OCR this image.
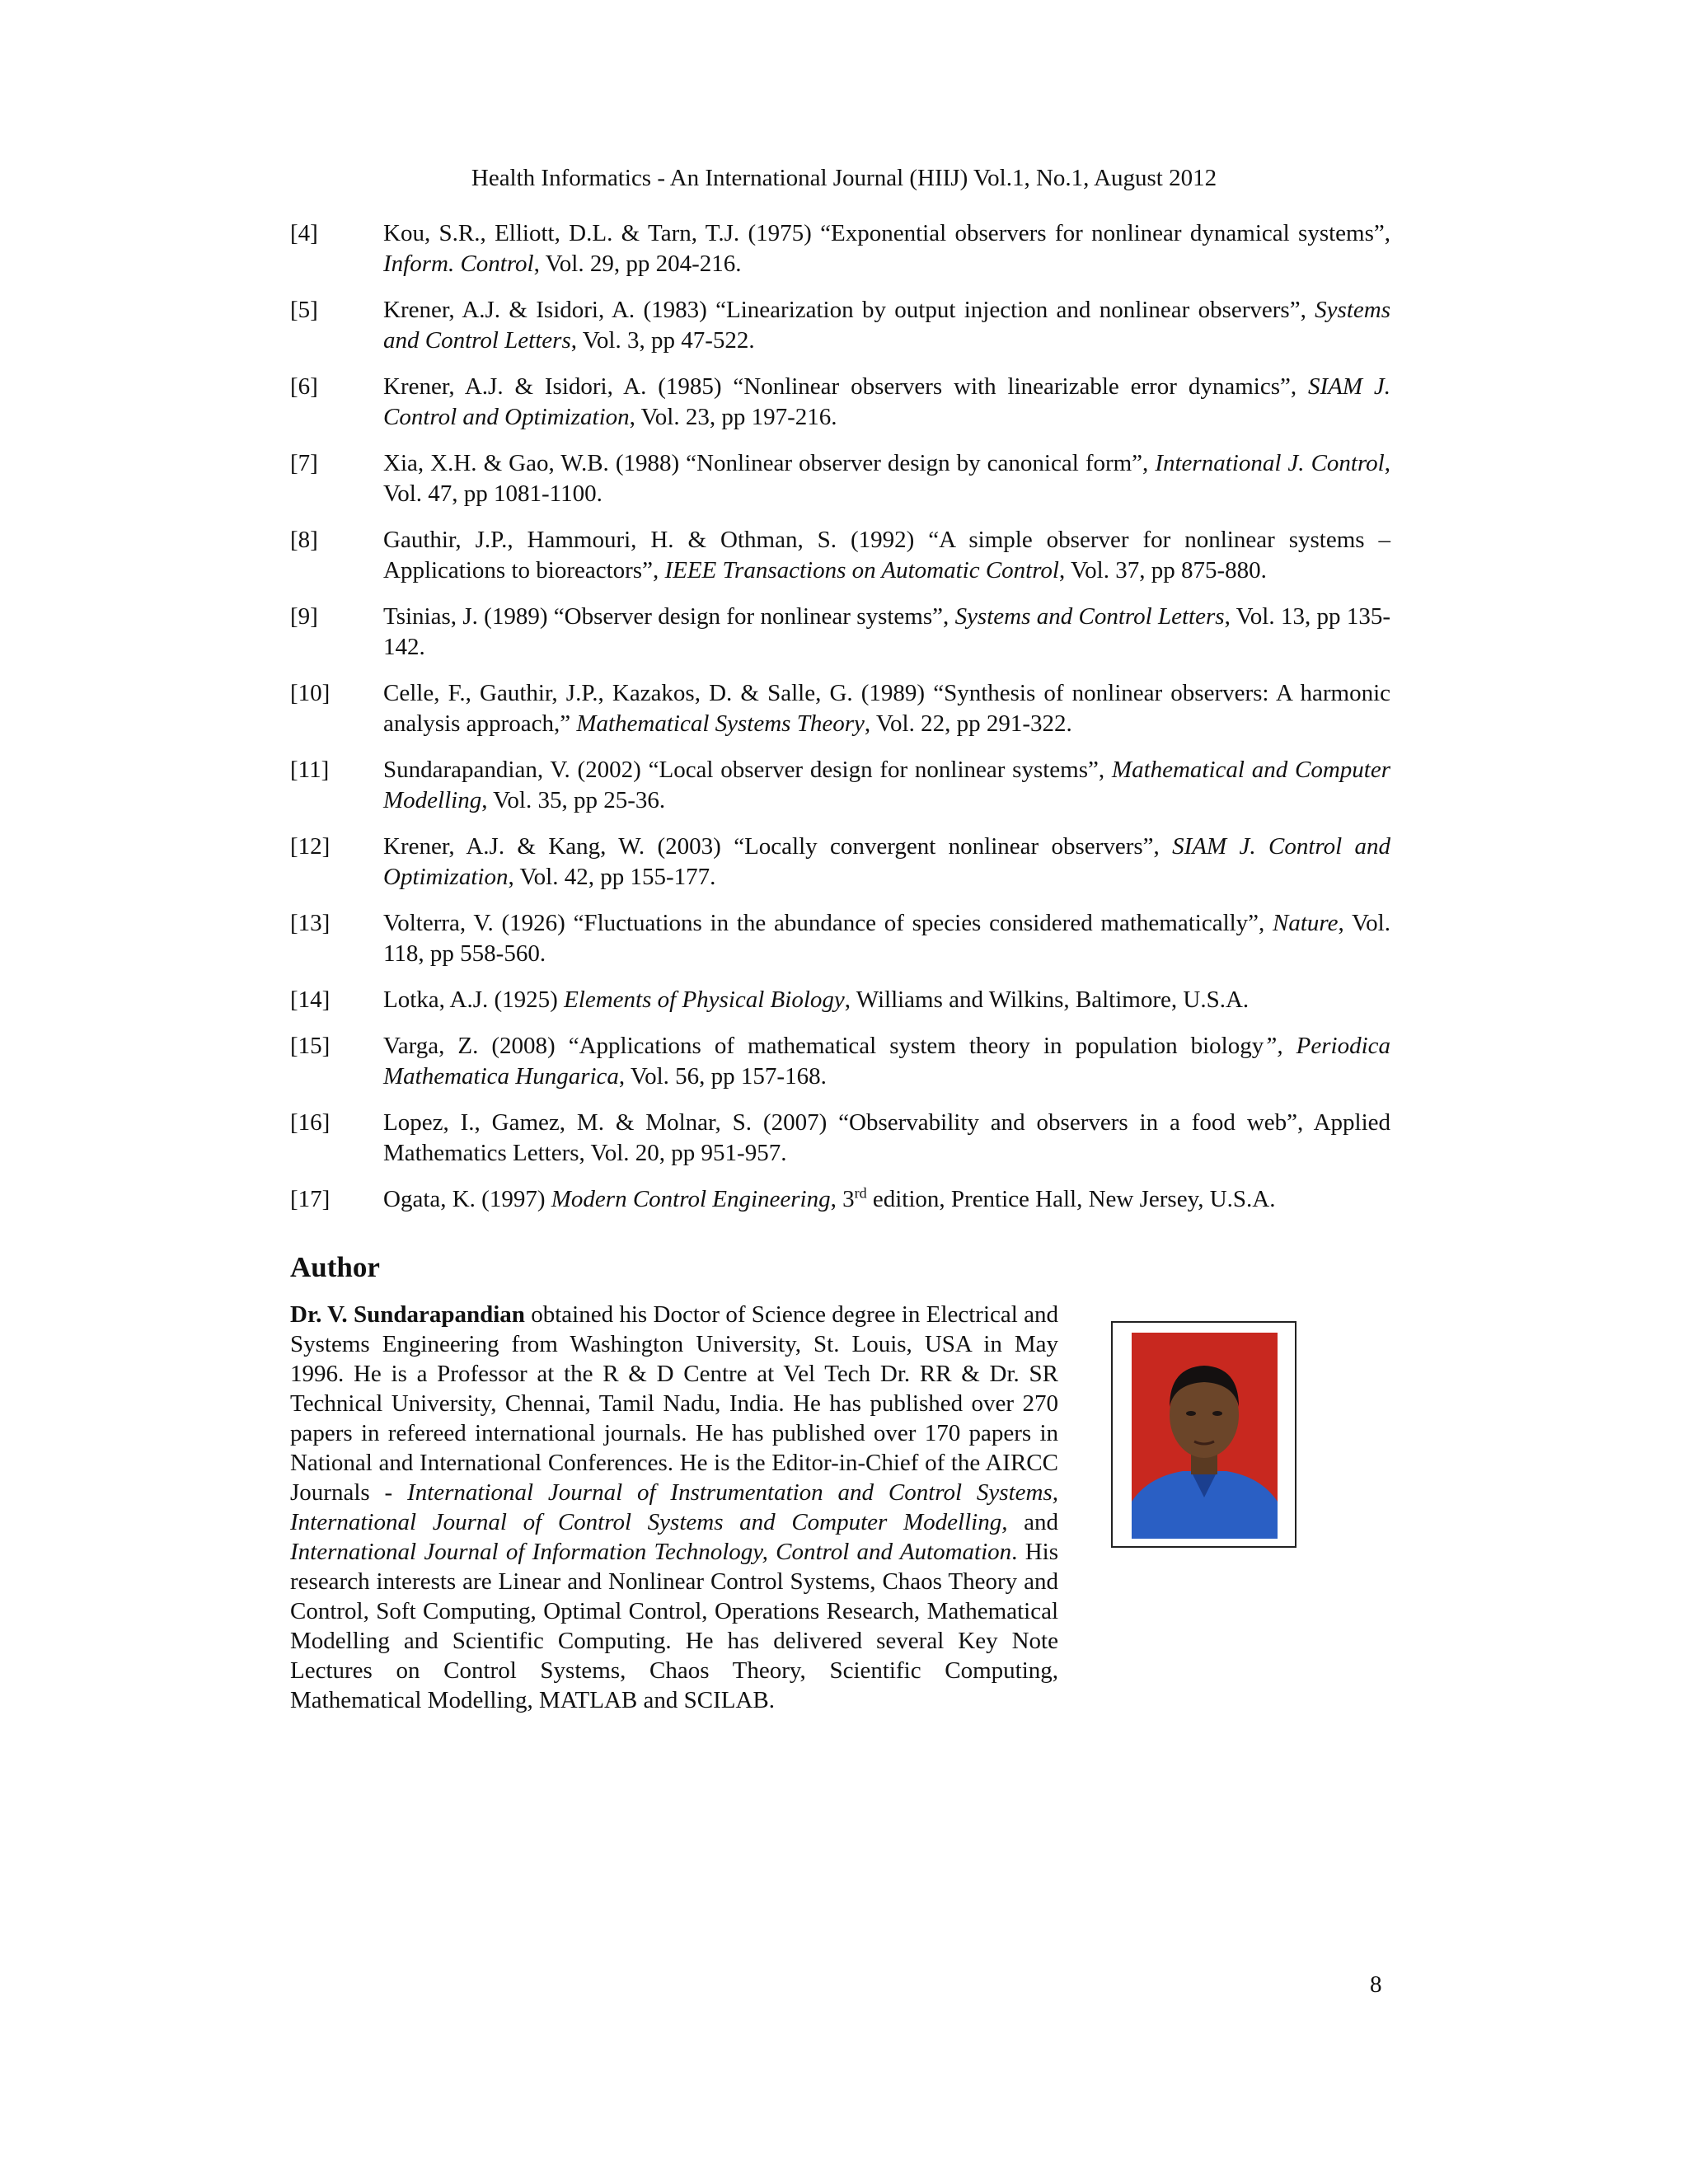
Health Informatics - An International Journal (HIIJ) Vol.1, No.1, August 2012
[4]	Kou, S.R., Elliott, D.L. & Tarn, T.J. (1975) “Exponential observers for nonlinear dynamical systems”, Inform. Control, Vol. 29, pp 204-216.
[5]	Krener, A.J. & Isidori, A. (1983) “Linearization by output injection and nonlinear observers”, Systems and Control Letters, Vol. 3, pp 47-522.
[6]	Krener, A.J. & Isidori, A. (1985) “Nonlinear observers with linearizable error dynamics”, SIAM J. Control and Optimization, Vol. 23, pp 197-216.
[7]	Xia, X.H. & Gao, W.B. (1988) “Nonlinear observer design by canonical form”, International J. Control, Vol. 47, pp 1081-1100.
[8]	Gauthir, J.P., Hammouri, H. & Othman, S. (1992) “A simple observer for nonlinear systems – Applications to bioreactors”, IEEE Transactions on Automatic Control, Vol. 37, pp 875-880.
[9]	Tsinias, J. (1989) “Observer design for nonlinear systems”, Systems and Control Letters, Vol. 13, pp 135-142.
[10]	Celle, F., Gauthir, J.P., Kazakos, D. & Salle, G. (1989) “Synthesis of nonlinear observers: A harmonic analysis approach,” Mathematical Systems Theory, Vol. 22, pp 291-322.
[11]	Sundarapandian, V. (2002) “Local observer design for nonlinear systems”, Mathematical and Computer Modelling, Vol. 35, pp 25-36.
[12]	Krener, A.J. & Kang, W. (2003) “Locally convergent nonlinear observers”, SIAM J. Control and Optimization, Vol. 42, pp 155-177.
[13]	Volterra, V. (1926) “Fluctuations in the abundance of species considered mathematically”, Nature, Vol. 118, pp 558-560.
[14]	Lotka, A.J. (1925) Elements of Physical Biology, Williams and Wilkins, Baltimore, U.S.A.
[15]	Varga, Z. (2008) “Applications of mathematical system theory in population biology”, Periodica Mathematica Hungarica, Vol. 56, pp 157-168.
[16]	Lopez, I., Gamez, M. & Molnar, S. (2007) “Observability and observers in a food web”, Applied Mathematics Letters, Vol. 20, pp 951-957.
[17]	Ogata, K. (1997) Modern Control Engineering, 3rd edition, Prentice Hall, New Jersey, U.S.A.
Author
Dr. V. Sundarapandian obtained his Doctor of Science degree in Electrical and Systems Engineering from Washington University, St. Louis, USA in May 1996. He is a Professor at the R & D Centre at Vel Tech Dr. RR & Dr. SR Technical University, Chennai, Tamil Nadu, India. He has published over 270 papers in refereed international journals. He has published over 170 papers in National and International Conferences. He is the Editor-in-Chief of the AIRCC Journals - International Journal of Instrumentation and Control Systems, International Journal of Control Systems and Computer Modelling, and International Journal of Information Technology, Control and Automation. His research interests are Linear and Nonlinear Control Systems, Chaos Theory and Control, Soft Computing, Optimal Control, Operations Research, Mathematical Modelling and Scientific Computing. He has delivered several Key Note Lectures on Control Systems, Chaos Theory, Scientific Computing, Mathematical Modelling, MATLAB and SCILAB.
8
